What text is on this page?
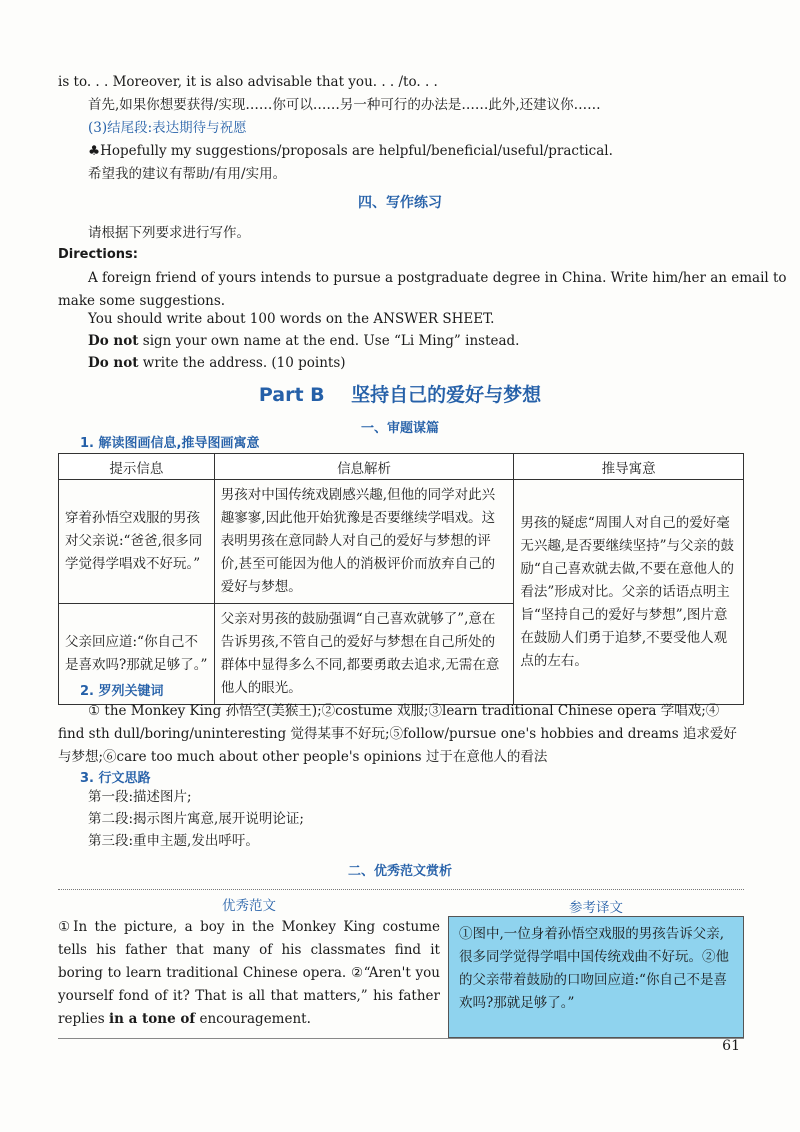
is to. . . Moreover, it is also advisable that you. . . /to. . .
首先,如果你想要获得/实现……你可以……另一种可行的办法是……此外,还建议你……
(3)结尾段:表达期待与祝愿
♣Hopefully my suggestions/proposals are helpful/beneficial/useful/practical.
希望我的建议有帮助/有用/实用。
四、写作练习
请根据下列要求进行写作。
Directions:
A foreign friend of yours intends to pursue a postgraduate degree in China. Write him/her an email to
make some suggestions.
You should write about 100 words on the ANSWER SHEET.
Do not sign your own name at the end. Use “Li Ming” instead.
Do not write the address. (10 points)
Part B    坚持自己的爱好与梦想
一、审题谋篇
1. 解读图画信息,推导图画寓意
提示信息	信息解析	推导寓意
穿着孙悟空戏服的男孩对父亲说:“爸爸,很多同学觉得学唱戏不好玩。”	男孩对中国传统戏剧感兴趣,但他的同学对此兴趣寥寥,因此他开始犹豫是否要继续学唱戏。这表明男孩在意同龄人对自己的爱好与梦想的评价,甚至可能因为他人的消极评价而放弃自己的爱好与梦想。	男孩的疑虑“周围人对自己的爱好毫无兴趣,是否要继续坚持”与父亲的鼓励“自己喜欢就去做,不要在意他人的看法”形成对比。父亲的话语点明主旨“坚持自己的爱好与梦想”,图片意在鼓励人们勇于追梦,不要受他人观点的左右。
父亲回应道:“你自己不是喜欢吗?那就足够了。”	父亲对男孩的鼓励强调“自己喜欢就够了”,意在告诉男孩,不管自己的爱好与梦想在自己所处的群体中显得多么不同,都要勇敢去追求,无需在意他人的眼光。	
2. 罗列关键词
① the Monkey King 孙悟空(美猴王);②costume 戏服;③learn traditional Chinese opera 学唱戏;④
find sth dull/boring/uninteresting 觉得某事不好玩;⑤follow/pursue one's hobbies and dreams 追求爱好
与梦想;⑥care too much about other people's opinions 过于在意他人的看法
3. 行文思路
第一段:描述图片;
第二段:揭示图片寓意,展开说明论证;
第三段:重申主题,发出呼吁。
二、优秀范文赏析
优秀范文	参考译文
①In the picture, a boy in the Monkey King costume tells his father that many of his classmates find it boring to learn traditional Chinese opera. ②“Aren't you yourself fond of it? That is all that matters,” his father replies in a tone of encouragement.
①图中,一位身着孙悟空戏服的男孩告诉父亲,很多同学觉得学唱中国传统戏曲不好玩。②他的父亲带着鼓励的口吻回应道:“你自己不是喜欢吗?那就足够了。”
61
